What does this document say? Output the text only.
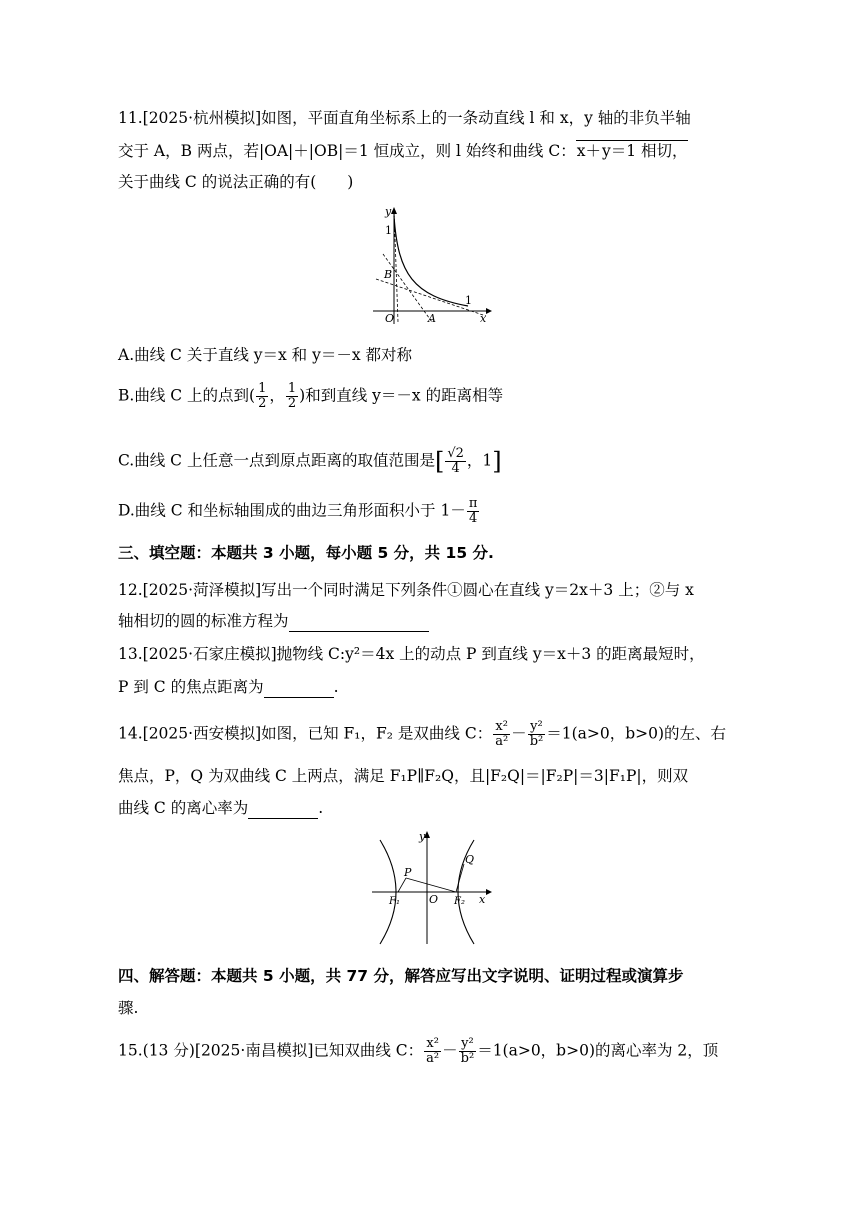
11.[2025·杭州模拟]如图，平面直角坐标系上的一条动直线 l 和 x，y 轴的非负半轴
交于 A，B 两点，若|OA|＋|OB|＝1 恒成立，则 l 始终和曲线 C：x＋y＝1 相切，
关于曲线 C 的说法正确的有(　　)
y
1
B
1
O	A	x
A.曲线 C 关于直线 y＝x 和 y＝－x 都对称
B.曲线 C 上的点到( $\frac{1}{2}$ ， $\frac{1}{2}$ )和到直线 y＝－x 的距离相等
C.曲线 C 上任意一点到原点距离的取值范围是[ $\frac{√2}{4}$ ，1]
D.曲线 C 和坐标轴围成的曲边三角形面积小于 $1- \frac{\pi}{4}$
三、填空题：本题共 3 小题，每小题 5 分，共 15 分.
12.[2025·菏泽模拟]写出一个同时满足下列条件①圆心在直线 y＝2x＋3 上；②与 x
轴相切的圆的标准方程为
13.[2025·石家庄模拟]抛物线 C:y²＝4x 上的动点 P 到直线 y＝x＋3 的距离最短时，
P 到 C 的焦点距离为	.
14.[2025·西安模拟]如图，已知 F₁，F₂ 是双曲线 C： $\frac{\text{x²}}{\text{a²}} - \frac{\text{y²}}{\text{b²}} =1(a>0$，b>0)的左、右
焦点，P，Q 为双曲线 C 上两点，满足 F₁P∥F₂Q，且|F₂Q|＝|F₂P|＝3|F₁P|，则双
曲线 C 的离心率为	.
P
Q
y
x
O
F₁	F₂
四、解答题：本题共 5 小题，共 77 分，解答应写出文字说明、证明过程或演算步
骤.
15.(13 分)[2025·南昌模拟]已知双曲线 C： $\frac{\text{x²}}{\text{a²}} - \frac{\text{y²}}{\text{b²}} =1(a>0$，b>0)的离心率为 2，顶
